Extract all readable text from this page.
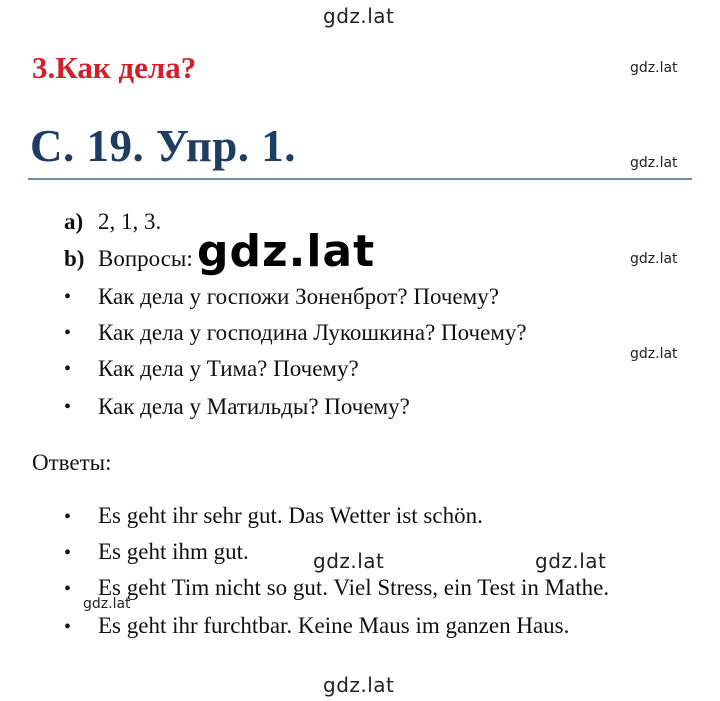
gdz.lat
gdz.lat
gdz.lat
gdz.lat
gdz.lat
gdz.lat	gdz.lat
gdz.lat
gdz.lat
3.Как дела?
С. 19. Упр. 1.
a) 2, 1, 3.
b) Вопросы:
• Как дела у госпожи Зоненброт? Почему?
• Как дела у господина Лукошкина? Почему?
• Как дела у Тима? Почему?
• Как дела у Матильды? Почему?
Ответы:
• Es geht ihr sehr gut. Das Wetter ist schön.
• Es geht ihm gut.
• Es geht Tim nicht so gut. Viel Stress, ein Test in Mathe.
• Es geht ihr furchtbar. Keine Maus im ganzen Haus.
gdz.lat
